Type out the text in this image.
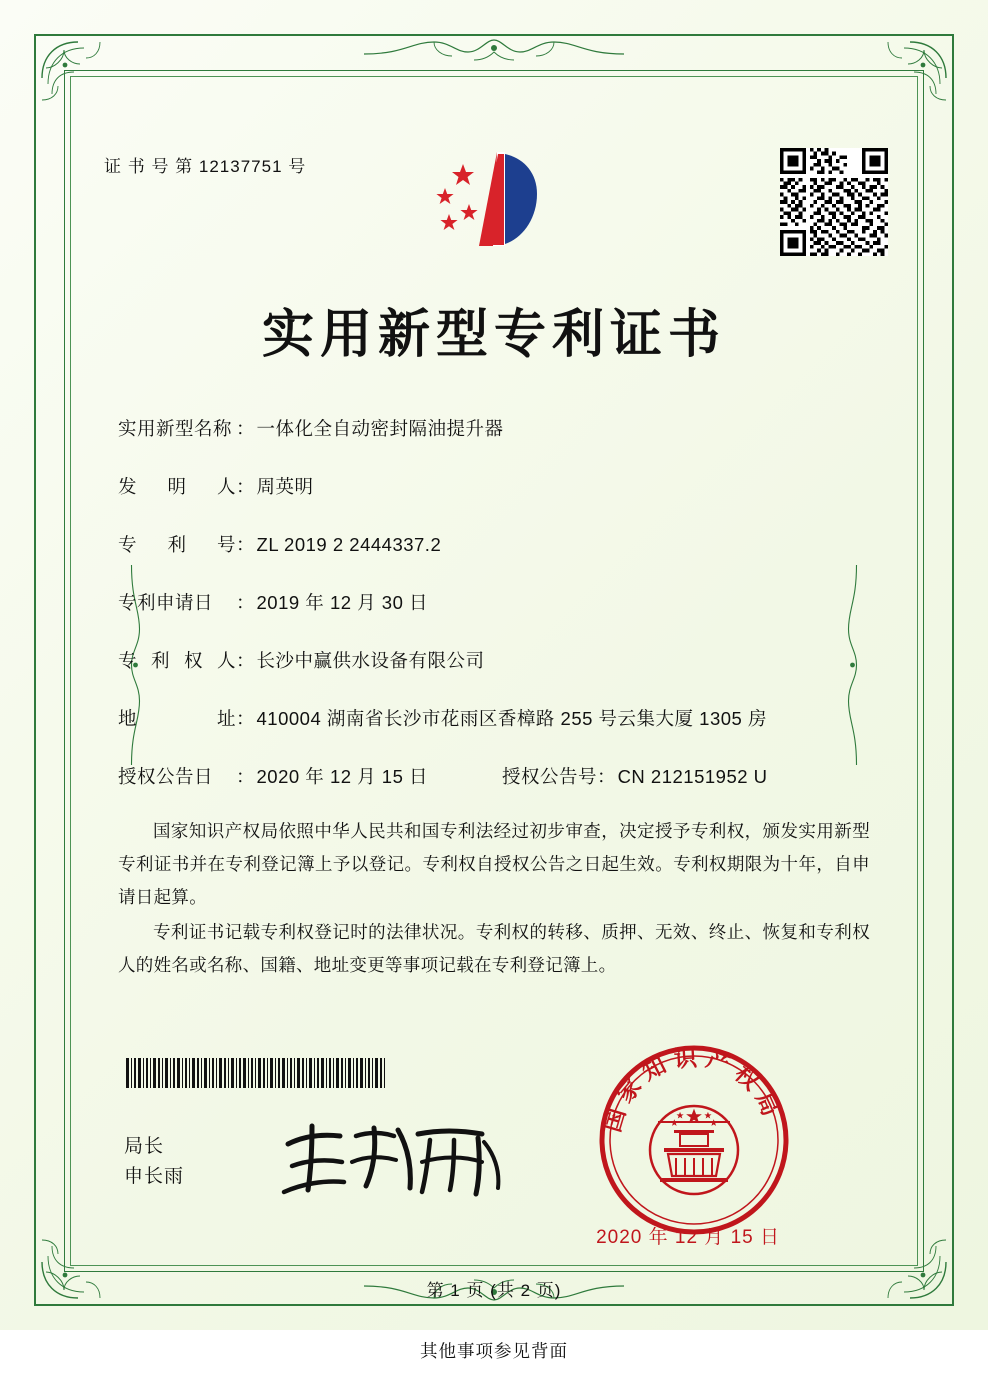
证 书 号 第 12137751 号
实用新型专利证书
实用新型名称 ： 一体化全自动密封隔油提升器
发 明 人 ： 周英明
专 利 号 ： ZL 2019 2 2444337.2
专利申请日	： 2019 年 12 月 30 日
专 利 权 人 ： 长沙中赢供水设备有限公司
地	址 ： 410004 湖南省长沙市花雨区香樟路 255 号云集大厦 1305 房
授权公告日	： 2020 年 12 月 15 日	授权公告号 ： CN 212151952 U

国家知识产权局依照中华人民共和国专利法经过初步审查，决定授予专利权，颁发实用新型专利证书并在专利登记簿上予以登记。专利权自授权公告之日起生效。专利权期限为十年，自申请日起算。

专利证书记载专利权登记时的法律状况。专利权的转移、质押、无效、终止、恢复和专利权人的姓名或名称、国籍、地址变更等事项记载在专利登记簿上。

局长
申长雨
国家知识产权局
2020 年 12 月 15 日
第 1 页 (共 2 页)
其他事项参见背面
